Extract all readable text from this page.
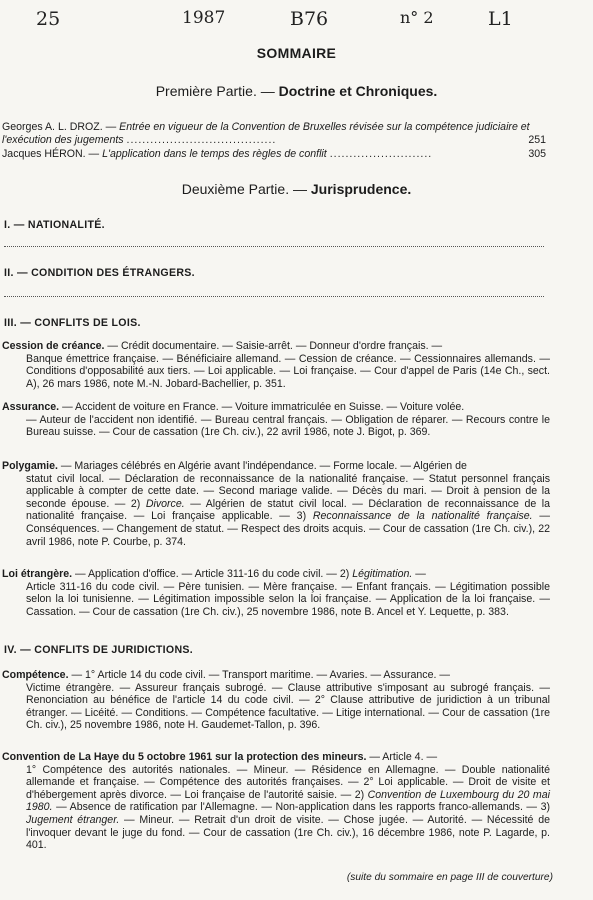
25	1987	B76	n° 2	L1
SOMMAIRE
Première Partie. — Doctrine et Chroniques.
Georges A. L. DROZ. — Entrée en vigueur de la Convention de Bruxelles révisée sur la compétence judiciaire et l'exécution des jugements ......................................	251
Jacques HÉRON. — L'application dans le temps des règles de conflit ..........................	305
Deuxième Partie. — Jurisprudence.
I. — NATIONALITÉ.
II. — CONDITION DES ÉTRANGERS.
III. — CONFLITS DE LOIS.
Cession de créance. — Crédit documentaire. — Saisie-arrêt. — Donneur d'ordre français. —
Banque émettrice française. — Bénéficiaire allemand. — Cession de créance. — Cessionnaires allemands. — Conditions d'opposabilité aux tiers. — Loi applicable. — Loi française. — Cour d'appel de Paris (14e Ch., sect. A), 26 mars 1986, note M.-N. Jobard-Bachellier, p. 351.
Assurance. — Accident de voiture en France. — Voiture immatriculée en Suisse. — Voiture volée.
— Auteur de l'accident non identifié. — Bureau central français. — Obligation de réparer. — Recours contre le Bureau suisse. — Cour de cassation (1re Ch. civ.), 22 avril 1986, note J. Bigot, p. 369.
Polygamie. — Mariages célébrés en Algérie avant l'indépendance. — Forme locale. — Algérien de
statut civil local. — Déclaration de reconnaissance de la nationalité française. — Statut personnel français applicable à compter de cette date. — Second mariage valide. — Décès du mari. — Droit à pension de la seconde épouse. — 2) Divorce. — Algérien de statut civil local. — Déclaration de reconnaissance de la nationalité française. — Loi française applicable. — 3) Reconnaissance de la nationalité française. — Conséquences. — Changement de statut. — Respect des droits acquis. — Cour de cassation (1re Ch. civ.), 22 avril 1986, note P. Courbe, p. 374.
Loi étrangère. — Application d'office. — Article 311-16 du code civil. — 2) Légitimation. —
Article 311-16 du code civil. — Père tunisien. — Mère française. — Enfant français. — Légitimation possible selon la loi tunisienne. — Légitimation impossible selon la loi française. — Application de la loi française. — Cassation. — Cour de cassation (1re Ch. civ.), 25 novembre 1986, note B. Ancel et Y. Lequette, p. 383.
IV. — CONFLITS DE JURIDICTIONS.
Compétence. — 1° Article 14 du code civil. — Transport maritime. — Avaries. — Assurance. —
Victime étrangère. — Assureur français subrogé. — Clause attributive s'imposant au subrogé français. — Renonciation au bénéfice de l'article 14 du code civil. — 2° Clause attributive de juridiction à un tribunal étranger. — Licéité. — Conditions. — Compétence facultative. — Litige international. — Cour de cassation (1re Ch. civ.), 25 novembre 1986, note H. Gaudemet-Tallon, p. 396.
Convention de La Haye du 5 octobre 1961 sur la protection des mineurs. — Article 4. —
1° Compétence des autorités nationales. — Mineur. — Résidence en Allemagne. — Double nationalité allemande et française. — Compétence des autorités françaises. — 2° Loi applicable. — Droit de visite et d'hébergement après divorce. — Loi française de l'autorité saisie. — 2) Convention de Luxembourg du 20 mai 1980. — Absence de ratification par l'Allemagne. — Non-application dans les rapports franco-allemands. — 3) Jugement étranger. — Mineur. — Retrait d'un droit de visite. — Chose jugée. — Autorité. — Nécessité de l'invoquer devant le juge du fond. — Cour de cassation (1re Ch. civ.), 16 décembre 1986, note P. Lagarde, p. 401.
(suite du sommaire en page III de couverture)
